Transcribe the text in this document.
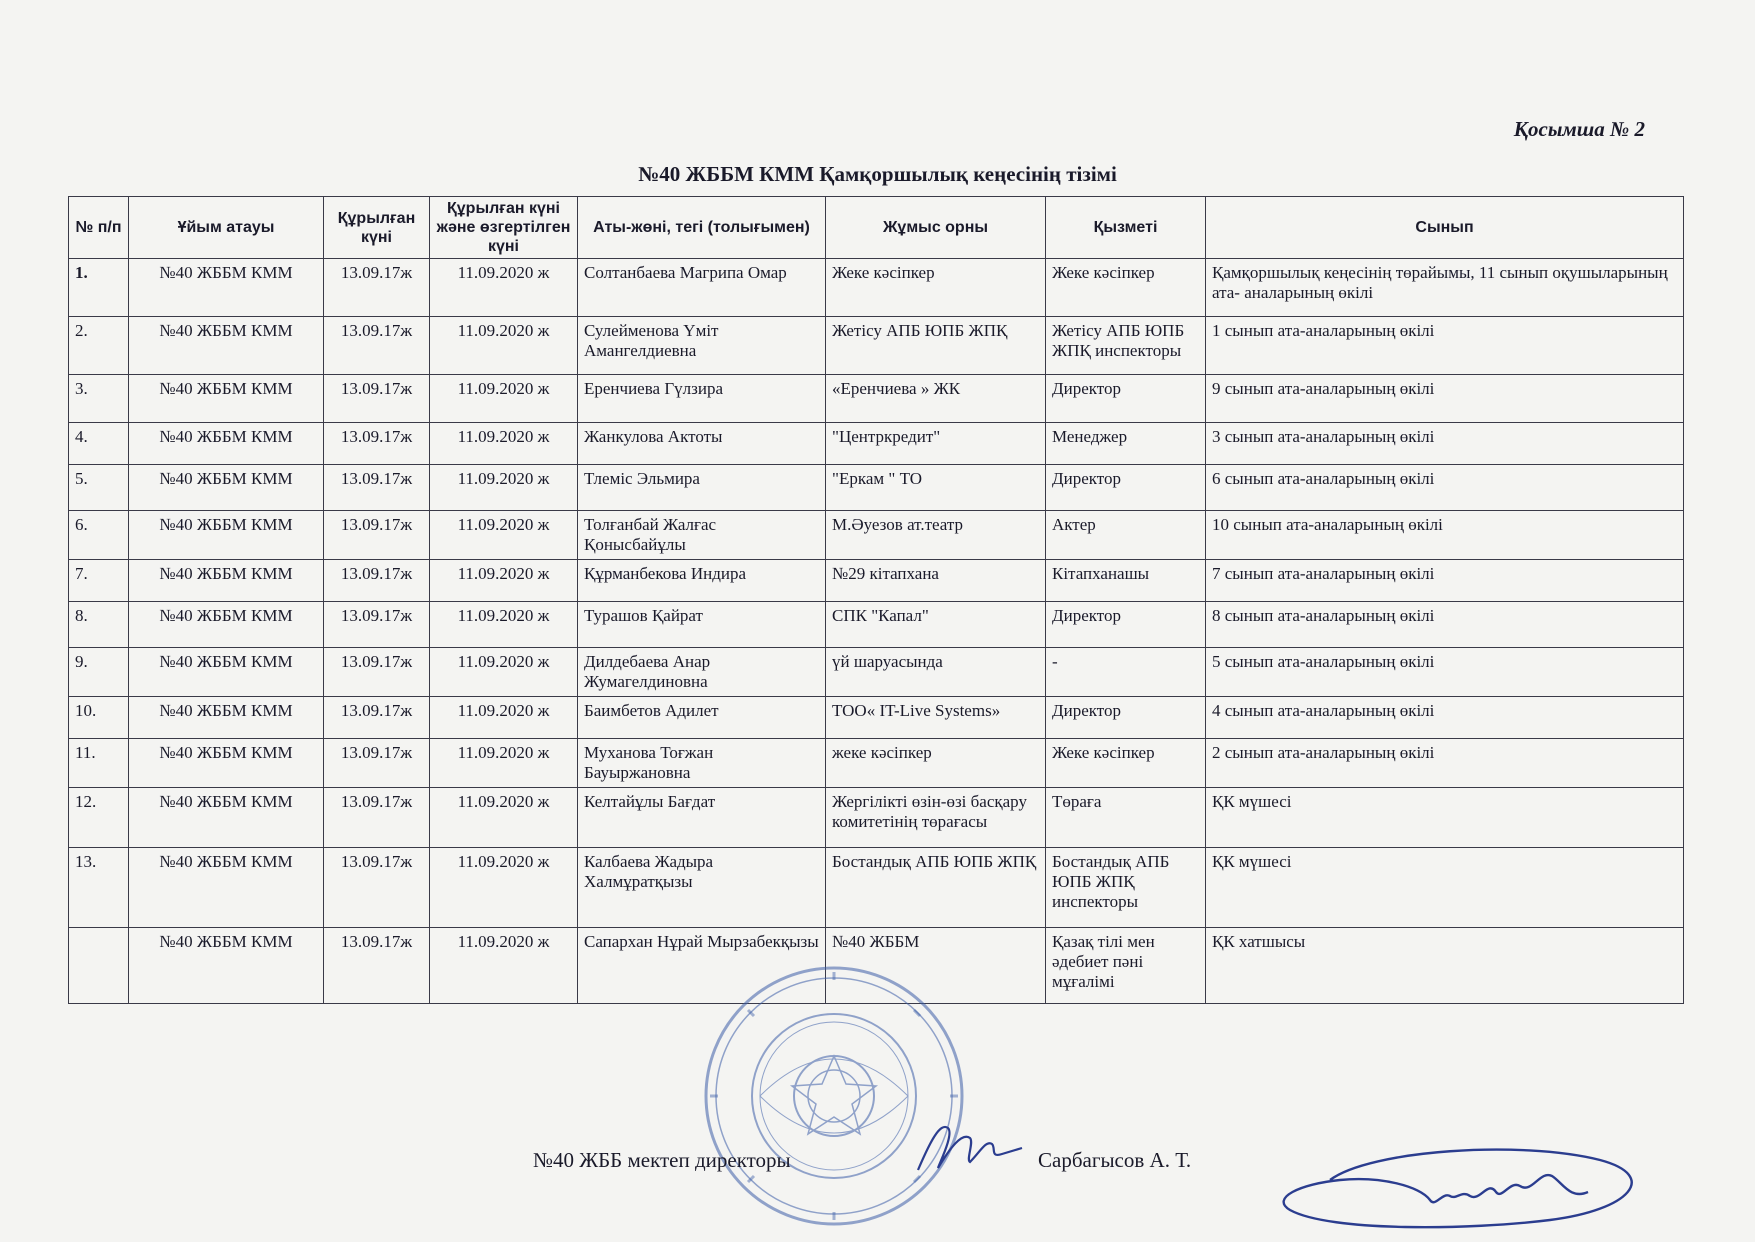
Қосымша № 2
№40 ЖББМ КММ Қамқоршылық кеңесінің тізімі
№ п/п	Ұйым атауы	Құрылған күні	Құрылған күні және өзгертілген күні	Аты-жөні, тегі (толығымен)	Жұмыс орны	Қызметі	Сынып
1.	№40 ЖББМ КММ	13.09.17ж	11.09.2020 ж	Солтанбаева Магрипа Омар	Жеке кәсіпкер	Жеке кәсіпкер	Қамқоршылық кеңесінің төрайымы, 11 сынып оқушыларының ата- аналарының өкілі
2.	№40 ЖББМ КММ	13.09.17ж	11.09.2020 ж	Сулейменова Үміт Амангелдиевна	Жетісу АПБ ЮПБ ЖПҚ	Жетісу АПБ ЮПБ ЖПҚ инспекторы	1 сынып ата-аналарының өкілі
3.	№40 ЖББМ КММ	13.09.17ж	11.09.2020 ж	Еренчиева Гүлзира	«Еренчиева » ЖК	Директор	9 сынып ата-аналарының өкілі
4.	№40 ЖББМ КММ	13.09.17ж	11.09.2020 ж	Жанкулова Актоты	"Центркредит"	Менеджер	3 сынып ата-аналарының өкілі
5.	№40 ЖББМ КММ	13.09.17ж	11.09.2020 ж	Тлеміс Эльмира	"Еркам " ТО	Директор	6 сынып ата-аналарының өкілі
6.	№40 ЖББМ КММ	13.09.17ж	11.09.2020 ж	Толғанбай Жалғас Қонысбайұлы	М.Әуезов ат.театр	Актер	10 сынып ата-аналарының өкілі
7.	№40 ЖББМ КММ	13.09.17ж	11.09.2020 ж	Құрманбекова Индира	№29 кітапхана	Кітапханашы	7 сынып ата-аналарының өкілі
8.	№40 ЖББМ КММ	13.09.17ж	11.09.2020 ж	Турашов Қайрат	СПК "Капал"	Директор	8 сынып ата-аналарының өкілі
9.	№40 ЖББМ КММ	13.09.17ж	11.09.2020 ж	Дилдебаева Анар Жумагелдиновна	үй шаруасында	-	5 сынып ата-аналарының өкілі
10.	№40 ЖББМ КММ	13.09.17ж	11.09.2020 ж	Баимбетов Адилет	ТОО« IT-Live Systems»	Директор	4 сынып ата-аналарының өкілі
11.	№40 ЖББМ КММ	13.09.17ж	11.09.2020 ж	Муханова Тоғжан Бауыржановна	жеке кәсіпкер	Жеке кәсіпкер	2 сынып ата-аналарының өкілі
12.	№40 ЖББМ КММ	13.09.17ж	11.09.2020 ж	Келтайұлы Бағдат	Жергілікті өзін-өзі басқару комитетінің төрағасы	Төраға	ҚК мүшесі
13.	№40 ЖББМ КММ	13.09.17ж	11.09.2020 ж	Калбаева Жадыра Халмұратқызы	Бостандық АПБ ЮПБ ЖПҚ	Бостандық АПБ ЮПБ ЖПҚ инспекторы	ҚК мүшесі
	№40 ЖББМ КММ	13.09.17ж	11.09.2020 ж	Сапархан Нұрай Мырзабекқызы	№40 ЖББМ	Қазақ тілі мен әдебиет пәні мұғалімі	ҚК хатшысы
№40 ЖББ мектеп директоры	Сарбагысов А. Т.
